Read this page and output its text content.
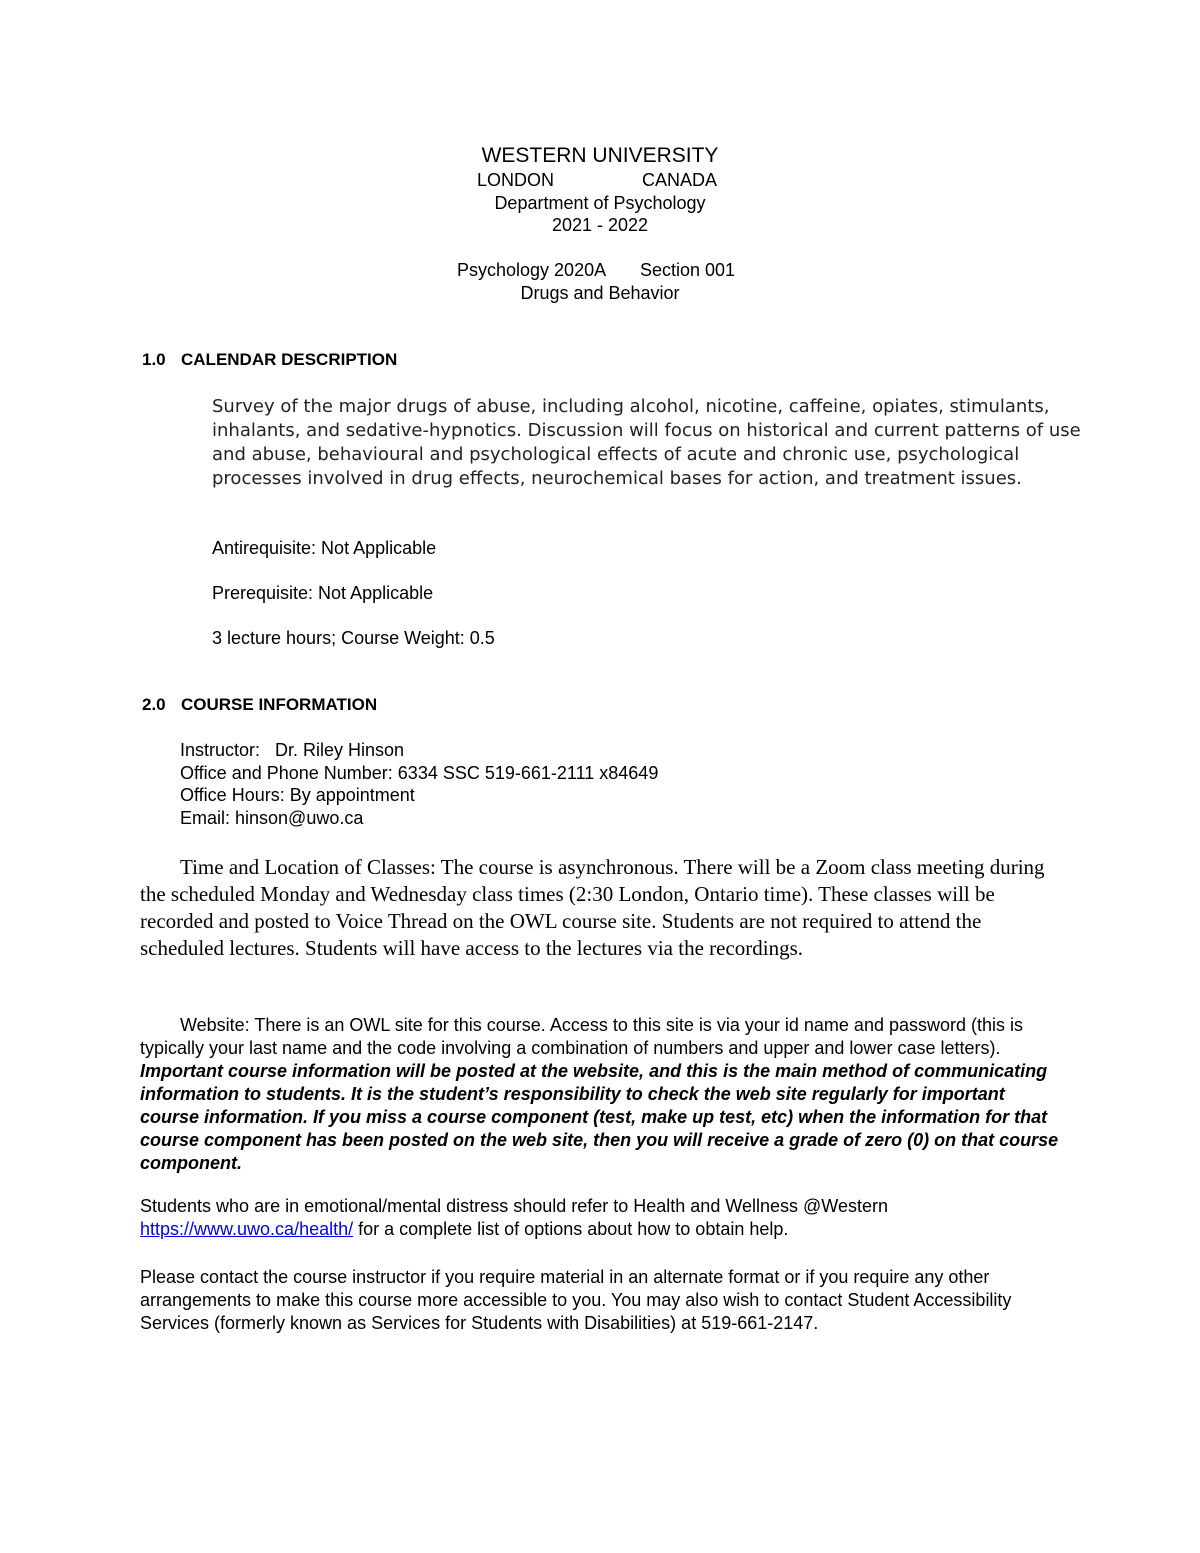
WESTERN UNIVERSITY
LONDON	CANADA
Department of Psychology
2021 - 2022
Psychology 2020A Section 001
Drugs and Behavior
1.0 CALENDAR DESCRIPTION
Survey of the major drugs of abuse, including alcohol, nicotine, caffeine, opiates, stimulants, inhalants, and sedative-hypnotics. Discussion will focus on historical and current patterns of use and abuse, behavioural and psychological effects of acute and chronic use, psychological processes involved in drug effects, neurochemical bases for action, and treatment issues.
Antirequisite: Not Applicable
Prerequisite: Not Applicable
3 lecture hours; Course Weight: 0.5
2.0 COURSE INFORMATION
Instructor:   Dr. Riley Hinson
Office and Phone Number: 6334 SSC 519-661-2111 x84649
Office Hours: By appointment
Email: hinson@uwo.ca
Time and Location of Classes: The course is asynchronous. There will be a Zoom class meeting during the scheduled Monday and Wednesday class times (2:30 London, Ontario time). These classes will be recorded and posted to Voice Thread on the OWL course site. Students are not required to attend the scheduled lectures. Students will have access to the lectures via the recordings.
Website: There is an OWL site for this course. Access to this site is via your id name and password (this is typically your last name and the code involving a combination of numbers and upper and lower case letters). Important course information will be posted at the website, and this is the main method of communicating information to students. It is the student’s responsibility to check the web site regularly for important course information. If you miss a course component (test, make up test, etc) when the information for that course component has been posted on the web site, then you will receive a grade of zero (0) on that course component.
Students who are in emotional/mental distress should refer to Health and Wellness @Western https://www.uwo.ca/health/ for a complete list of options about how to obtain help.
Please contact the course instructor if you require material in an alternate format or if you require any other arrangements to make this course more accessible to you. You may also wish to contact Student Accessibility Services (formerly known as Services for Students with Disabilities) at 519-661-2147.
